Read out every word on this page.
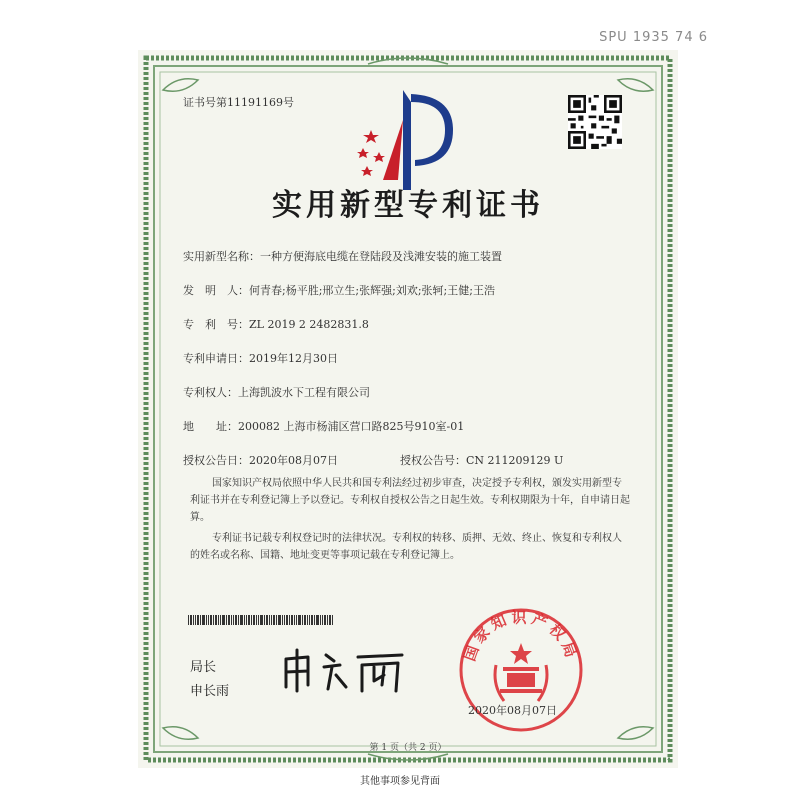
SPU 1935 74 6
证书号第11191169号
实用新型专利证书
实用新型名称：一种方便海底电缆在登陆段及浅滩安装的施工装置
发　明　人：何青春;杨平胜;邢立生;张辉强;刘欢;张轲;王健;王浩
专　利　号：ZL 2019 2 2482831.8
专利申请日：2019年12月30日
专利权人：上海凯波水下工程有限公司
地　　址：200082 上海市杨浦区营口路825号910室-01
授权公告日：2020年08月07日	授权公告号：CN 211209129 U
国家知识产权局依照中华人民共和国专利法经过初步审查，决定授予专利权，颁发实用新型专利证书并在专利登记簿上予以登记。专利权自授权公告之日起生效。专利权期限为十年，自申请日起算。
专利证书记载专利权登记时的法律状况。专利权的转移、质押、无效、终止、恢复和专利权人的姓名或名称、国籍、地址变更等事项记载在专利登记簿上。
局长
申长雨
国家知识产权局
2020年08月07日
第 1 页（共 2 页）
其他事项参见背面
